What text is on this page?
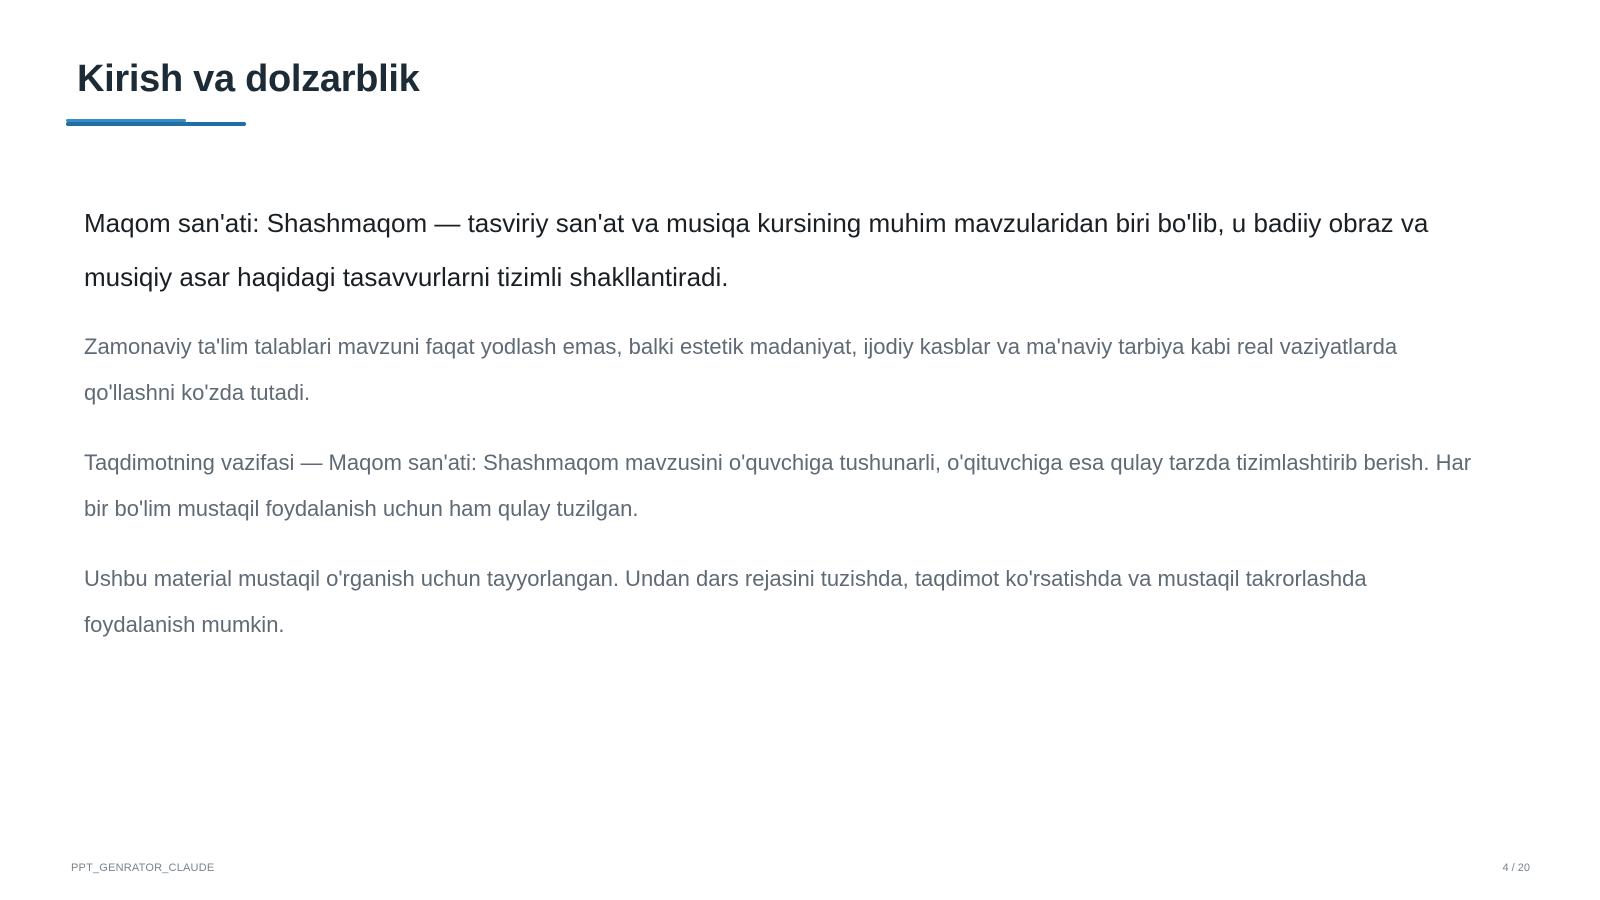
Kirish va dolzarblik

Maqom san'ati: Shashmaqom — tasviriy san'at va musiqa kursining muhim mavzularidan biri bo'lib, u badiiy obraz va musiqiy asar haqidagi tasavvurlarni tizimli shakllantiradi.

Zamonaviy ta'lim talablari mavzuni faqat yodlash emas, balki estetik madaniyat, ijodiy kasblar va ma'naviy tarbiya kabi real vaziyatlarda qo'llashni ko'zda tutadi.

Taqdimotning vazifasi — Maqom san'ati: Shashmaqom mavzusini o'quvchiga tushunarli, o'qituvchiga esa qulay tarzda tizimlashtirib berish. Har bir bo'lim mustaqil foydalanish uchun ham qulay tuzilgan.

Ushbu material mustaqil o'rganish uchun tayyorlangan. Undan dars rejasini tuzishda, taqdimot ko'rsatishda va mustaqil takrorlashda foydalanish mumkin.

PPT_GENRATOR_CLAUDE	4 / 20
